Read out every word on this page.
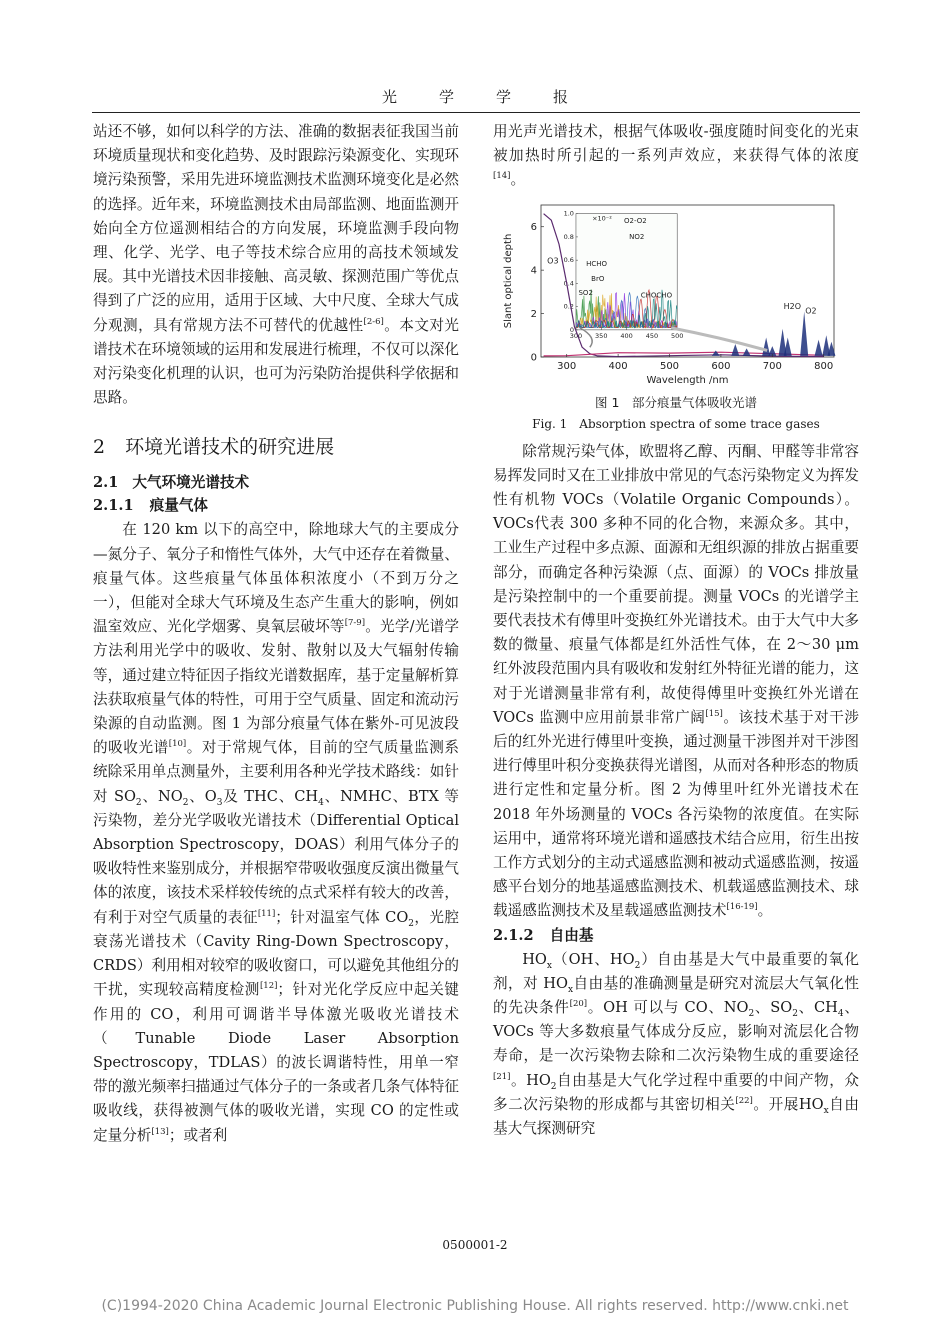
光学学报

站还不够，如何以科学的方法、准确的数据表征我国当前环境质量现状和变化趋势、及时跟踪污染源变化、实现环境污染预警，采用先进环境监测技术监测环境变化是必然的选择。近年来，环境监测技术由局部监测、地面监测开始向全方位遥测相结合的方向发展，环境监测手段向物理、化学、光学、电子等技术综合应用的高技术领域发展。其中光谱技术因非接触、高灵敏、探测范围广等优点得到了广泛的应用，适用于区域、大中尺度、全球大气成分观测，具有常规方法不可替代的优越性[2-6]。本文对光谱技术在环境领域的运用和发展进行梳理，不仅可以深化对污染变化机理的认识，也可为污染防治提供科学依据和思路。

2 环境光谱技术的研究进展
2.1 大气环境光谱技术
2.1.1 痕量气体

在 120 km 以下的高空中，除地球大气的主要成分—氮分子、氧分子和惰性气体外，大气中还存在着微量、痕量气体。这些痕量气体虽体积浓度小（不到万分之一），但能对全球大气环境及生态产生重大的影响，例如温室效应、光化学烟雾、臭氧层破坏等[7-9]。光学/光谱学方法利用光学中的吸收、发射、散射以及大气辐射传输等，通过建立特征因子指纹光谱数据库，基于定量解析算法获取痕量气体的特性，可用于空气质量、固定和流动污染源的自动监测。图 1 为部分痕量气体在紫外-可见波段的吸收光谱[10]。对于常规气体，目前的空气质量监测系统除采用单点测量外，主要利用各种光学技术路线：如针对 $SO_2$、$NO_2$、$O_3$及 THC、$CH_4$、NMHC、BTX 等污染物，差分光学吸收光谱技术（Differential Optical Absorption Spectroscopy，DOAS）利用气体分子的吸收特性来鉴别成分，并根据窄带吸收强度反演出微量气体的浓度，该技术采样较传统的点式采样有较大的改善，有利于对空气质量的表征[11]；针对温室气体 $CO_2$，光腔衰荡光谱技术（Cavity Ring-Down Spectroscopy，CRDS）利用相对较窄的吸收窗口，可以避免其他组分的干扰，实现较高精度检测[12]；针对光化学反应中起关键作用的 CO，利用可调谐半导体激光吸收光谱技术（Tunable Diode Laser Absorption Spectroscopy，TDLAS）的波长调谐特性，用单一窄带的激光频率扫描通过气体分子的一条或者几条气体特征吸收线，获得被测气体的吸收光谱，实现 CO 的定性或定量分析[13]；或者利

用光声光谱技术，根据气体吸收-强度随时间变化的光束被加热时所引起的一系列声效应，来获得气体的浓度[14]。

300 350 400 450 500
0
0.2
0.4
0.6
0.8
1.0
×10⁻²
HCHO
BrO
SO2
O2-O2
NO2
CHOCHO
300	400	500	600	700	800
0
2
4
6
Wavelength /nm
Slant optical depth	O3
H2O O2
图 1　部分痕量气体吸收光谱
Fig. 1　Absorption spectra of some trace gases

除常规污染气体，欧盟将乙醇、丙酮、甲醛等非常容易挥发同时又在工业排放中常见的气态污染物定义为挥发性有机物 VOCs（Volatile Organic Compounds）。VOCs代表 300 多种不同的化合物，来源众多。其中，工业生产过程中多点源、面源和无组织源的排放占据重要部分，而确定各种污染源（点、面源）的 VOCs 排放量是污染控制中的一个重要前提。测量 VOCs 的光谱学主要代表技术有傅里叶变换红外光谱技术。由于大气中大多数的微量、痕量气体都是红外活性气体，在 2～30 μm 红外波段范围内具有吸收和发射红外特征光谱的能力，这对于光谱测量非常有利，故使得傅里叶变换红外光谱在 VOCs 监测中应用前景非常广阔[15]。该技术基于对干涉后的红外光进行傅里叶变换，通过测量干涉图并对干涉图进行傅里叶积分变换获得光谱图，从而对各种形态的物质进行定性和定量分析。图 2 为傅里叶红外光谱技术在 2018 年外场测量的 VOCs 各污染物的浓度值。在实际运用中，通常将环境光谱和遥感技术结合应用，衍生出按工作方式划分的主动式遥感监测和被动式遥感监测，按遥感平台划分的地基遥感监测技术、机载遥感监测技术、球载遥感监测技术及星载遥感监测技术[16-19]。

2.1.2 自由基

$HO_x(OH$、$HO_2$）自由基是大气中最重要的氧化剂，对 $HO_x$自由基的准确测量是研究对流层大气氧化性的先决条件[20]。OH 可以与 CO、$NO_2$、$SO_2$、$CH_4$、VOCs 等大多数痕量气体成分反应，影响对流层化合物寿命，是一次污染物去除和二次污染物生成的重要途径[21]。$HO_2$自由基是大气化学过程中重要的中间产物，众多二次污染物的形成都与其密切相关[22]。开展$HO_x$自由基大气探测研究

0500001-2
(C)1994-2020 China Academic Journal Electronic Publishing House. All rights reserved. http://www.cnki.net
